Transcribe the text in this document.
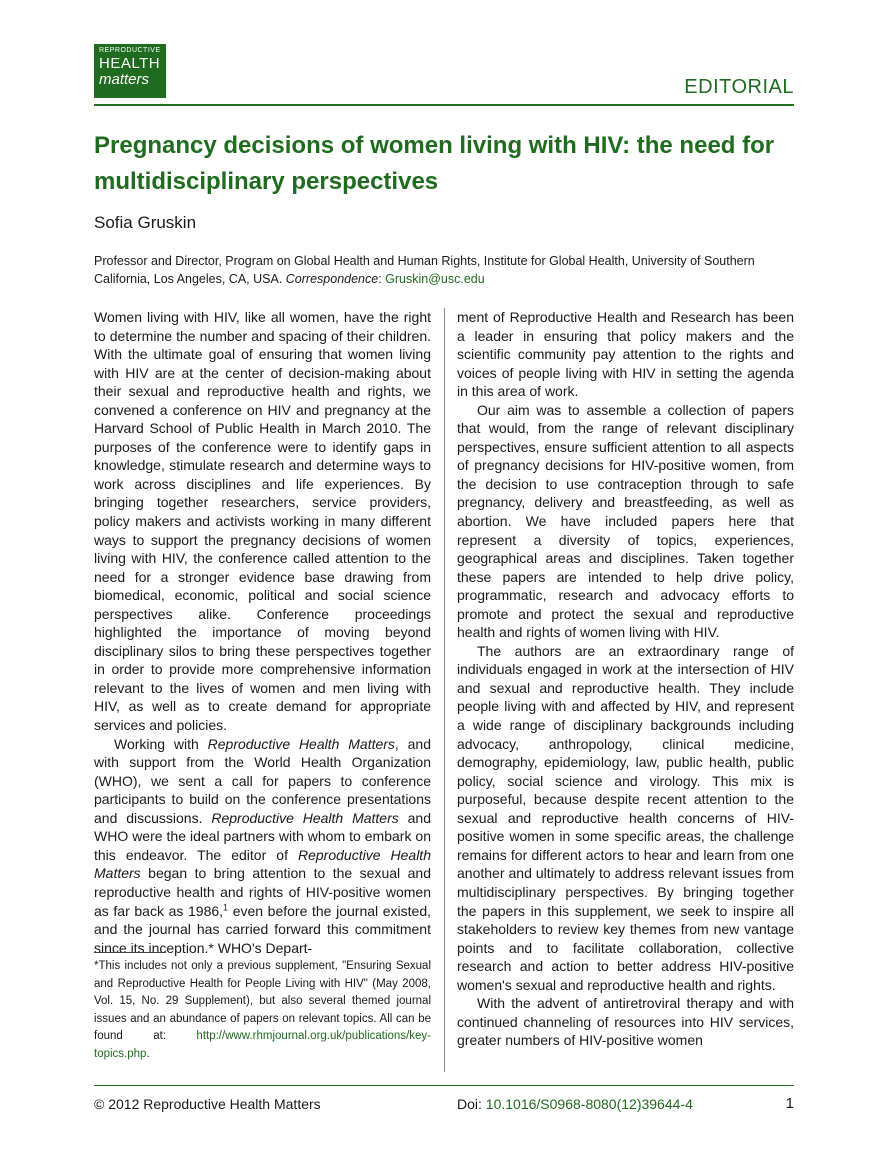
REPRODUCTIVE
HEALTH
matters	EDITORIAL
Pregnancy decisions of women living with HIV: the need for multidisciplinary perspectives
Sofia Gruskin
Professor and Director, Program on Global Health and Human Rights, Institute for Global Health, University of Southern California, Los Angeles, CA, USA. Correspondence: Gruskin@usc.edu

Women living with HIV, like all women, have the right to determine the number and spacing of their children. With the ultimate goal of ensuring that women living with HIV are at the center of decision-making about their sexual and reproductive health and rights, we convened a conference on HIV and pregnancy at the Harvard School of Public Health in March 2010. The purposes of the conference were to identify gaps in knowledge, stimulate research and determine ways to work across disciplines and life experiences. By bringing together researchers, service providers, policy makers and activists working in many different ways to support the pregnancy decisions of women living with HIV, the conference called attention to the need for a stronger evidence base drawing from biomedical, economic, political and social science perspectives alike. Conference proceedings highlighted the importance of moving beyond disciplinary silos to bring these perspectives together in order to provide more comprehensive information relevant to the lives of women and men living with HIV, as well as to create demand for appropriate services and policies.

Working with Reproductive Health Matters, and with support from the World Health Organization (WHO), we sent a call for papers to conference participants to build on the conference presentations and discussions. Reproductive Health Matters and WHO were the ideal partners with whom to embark on this endeavor. The editor of Reproductive Health Matters began to bring attention to the sexual and reproductive health and rights of HIV-positive women as far back as 1986,$^1$ even before the journal existed, and the journal has carried forward this commitment since its inception.* WHO's Depart-

ment of Reproductive Health and Research has been a leader in ensuring that policy makers and the scientific community pay attention to the rights and voices of people living with HIV in setting the agenda in this area of work.

Our aim was to assemble a collection of papers that would, from the range of relevant disciplinary perspectives, ensure sufficient attention to all aspects of pregnancy decisions for HIV-positive women, from the decision to use contraception through to safe pregnancy, delivery and breastfeeding, as well as abortion. We have included papers here that represent a diversity of topics, experiences, geographical areas and disciplines. Taken together these papers are intended to help drive policy, programmatic, research and advocacy efforts to promote and protect the sexual and reproductive health and rights of women living with HIV.

The authors are an extraordinary range of individuals engaged in work at the intersection of HIV and sexual and reproductive health. They include people living with and affected by HIV, and represent a wide range of disciplinary backgrounds including advocacy, anthropology, clinical medicine, demography, epidemiology, law, public health, public policy, social science and virology. This mix is purposeful, because despite recent attention to the sexual and reproductive health concerns of HIV-positive women in some specific areas, the challenge remains for different actors to hear and learn from one another and ultimately to address relevant issues from multidisciplinary perspectives. By bringing together the papers in this supplement, we seek to inspire all stakeholders to review key themes from new vantage points and to facilitate collaboration, collective research and action to better address HIV-positive women's sexual and reproductive health and rights.

With the advent of antiretroviral therapy and with continued channeling of resources into HIV services, greater numbers of HIV-positive women

*This includes not only a previous supplement, "Ensuring Sexual and Reproductive Health for People Living with HIV" (May 2008, Vol. 15, No. 29 Supplement), but also several themed journal issues and an abundance of papers on relevant topics. All can be found at: http://www.rhmjournal.org.uk/publications/key-topics.php.
© 2012 Reproductive Health Matters	Doi: 10.1016/S0968-8080(12)39644-4	1
